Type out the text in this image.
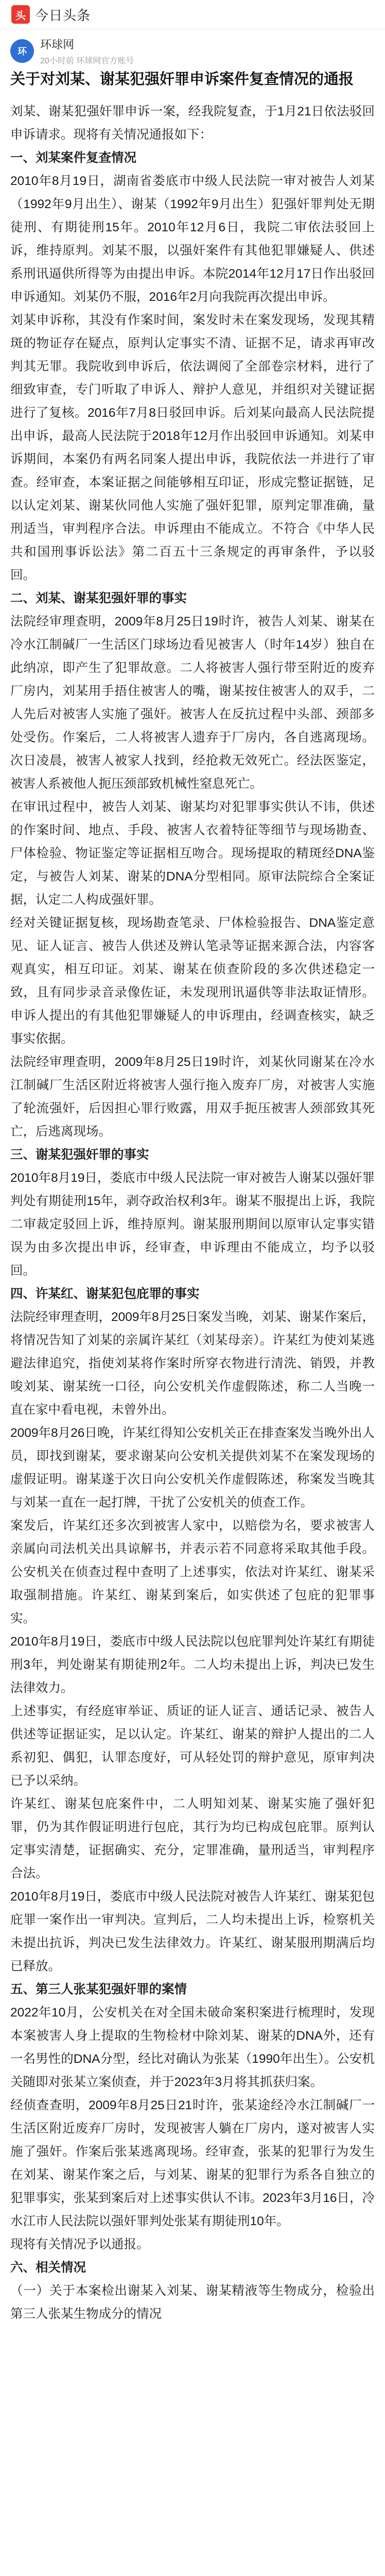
头 今日头条
环
环球网
20小时前 环球网官方账号
关于对刘某、谢某犯强奸罪申诉案件复查情况的通报

刘某、谢某犯强奸罪申诉一案，经我院复查，于1月21日依法驳回申诉请求。现将有关情况通报如下：

一、刘某案件复查情况

2010年8月19日，湖南省娄底市中级人民法院一审对被告人刘某（1992年9月出生）、谢某（1992年9月出生）犯强奸罪判处无期徒刑、有期徒刑15年。2010年12月6日，我院二审依法驳回上诉，维持原判。刘某不服，以强奸案件有其他犯罪嫌疑人、供述系刑讯逼供所得等为由提出申诉。本院2014年12月17日作出驳回申诉通知。刘某仍不服，2016年2月向我院再次提出申诉。

刘某申诉称，其没有作案时间，案发时未在案发现场，发现其精斑的物证存在疑点，原判认定事实不清、证据不足，请求再审改判其无罪。我院收到申诉后，依法调阅了全部卷宗材料，进行了细致审查，专门听取了申诉人、辩护人意见，并组织对关键证据进行了复核。2016年7月8日驳回申诉。后刘某向最高人民法院提出申诉，最高人民法院于2018年12月作出驳回申诉通知。刘某申诉期间，本案仍有两名同案人提出申诉，我院依法一并进行了审查。经审查，本案证据之间能够相互印证，形成完整证据链，足以认定刘某、谢某伙同他人实施了强奸犯罪，原判定罪准确，量刑适当，审判程序合法。申诉理由不能成立。不符合《中华人民共和国刑事诉讼法》第二百五十三条规定的再审条件，予以驳回。

二、刘某、谢某犯强奸罪的事实

法院经审理查明，2009年8月25日19时许，被告人刘某、谢某在冷水江制碱厂一生活区门球场边看见被害人（时年14岁）独自在此纳凉，即产生了犯罪故意。二人将被害人强行带至附近的废弃厂房内，刘某用手捂住被害人的嘴，谢某按住被害人的双手，二人先后对被害人实施了强奸。被害人在反抗过程中头部、颈部多处受伤。作案后，二人将被害人遗弃于厂房内，各自逃离现场。次日凌晨，被害人被家人找到，经抢救无效死亡。经法医鉴定，被害人系被他人扼压颈部致机械性窒息死亡。

在审讯过程中，被告人刘某、谢某均对犯罪事实供认不讳，供述的作案时间、地点、手段、被害人衣着特征等细节与现场勘查、尸体检验、物证鉴定等证据相互吻合。现场提取的精斑经DNA鉴定，与被告人刘某、谢某的DNA分型相同。原审法院综合全案证据，认定二人构成强奸罪。

经对关键证据复核，现场勘查笔录、尸体检验报告、DNA鉴定意见、证人证言、被告人供述及辨认笔录等证据来源合法，内容客观真实，相互印证。刘某、谢某在侦查阶段的多次供述稳定一致，且有同步录音录像佐证，未发现刑讯逼供等非法取证情形。申诉人提出的有其他犯罪嫌疑人的申诉理由，经调查核实，缺乏事实依据。

法院经审理查明，2009年8月25日19时许，刘某伙同谢某在冷水江制碱厂生活区附近将被害人强行拖入废弃厂房，对被害人实施了轮流强奸，后因担心罪行败露，用双手扼压被害人颈部致其死亡，后逃离现场。

三、谢某犯强奸罪的事实

2010年8月19日，娄底市中级人民法院一审对被告人谢某以强奸罪判处有期徒刑15年，剥夺政治权利3年。谢某不服提出上诉，我院二审裁定驳回上诉，维持原判。谢某服刑期间以原审认定事实错误为由多次提出申诉，经审查，申诉理由不能成立，均予以驳回。

四、许某红、谢某犯包庇罪的事实

法院经审理查明，2009年8月25日案发当晚，刘某、谢某作案后，将情况告知了刘某的亲属许某红（刘某母亲）。许某红为使刘某逃避法律追究，指使刘某将作案时所穿衣物进行清洗、销毁，并教唆刘某、谢某统一口径，向公安机关作虚假陈述，称二人当晚一直在家中看电视，未曾外出。

2009年8月26日晚，许某红得知公安机关正在排查案发当晚外出人员，即找到谢某，要求谢某向公安机关提供刘某不在案发现场的虚假证明。谢某遂于次日向公安机关作虚假陈述，称案发当晚其与刘某一直在一起打牌，干扰了公安机关的侦查工作。

案发后，许某红还多次到被害人家中，以赔偿为名，要求被害人亲属向司法机关出具谅解书，并表示若不同意将采取其他手段。公安机关在侦查过程中查明了上述事实，依法对许某红、谢某采取强制措施。许某红、谢某到案后，如实供述了包庇的犯罪事实。

2010年8月19日，娄底市中级人民法院以包庇罪判处许某红有期徒刑3年，判处谢某有期徒刑2年。二人均未提出上诉，判决已发生法律效力。

上述事实，有经庭审举证、质证的证人证言、通话记录、被告人供述等证据证实，足以认定。许某红、谢某的辩护人提出的二人系初犯、偶犯，认罪态度好，可从轻处罚的辩护意见，原审判决已予以采纳。

许某红、谢某包庇案件中，二人明知刘某、谢某实施了强奸犯罪，仍为其作假证明进行包庇，其行为均已构成包庇罪。原判认定事实清楚，证据确实、充分，定罪准确，量刑适当，审判程序合法。

2010年8月19日，娄底市中级人民法院对被告人许某红、谢某犯包庇罪一案作出一审判决。宣判后，二人均未提出上诉，检察机关未提出抗诉，判决已发生法律效力。许某红、谢某服刑期满后均已释放。

五、第三人张某犯强奸罪的案情

2022年10月，公安机关在对全国未破命案积案进行梳理时，发现本案被害人身上提取的生物检材中除刘某、谢某的DNA外，还有一名男性的DNA分型，经比对确认为张某（1990年出生）。公安机关随即对张某立案侦查，并于2023年3月将其抓获归案。

经侦查查明，2009年8月25日21时许，张某途经冷水江制碱厂一生活区附近废弃厂房时，发现被害人躺在厂房内，遂对被害人实施了强奸。作案后张某逃离现场。经审查，张某的犯罪行为发生在刘某、谢某作案之后，与刘某、谢某的犯罪行为系各自独立的犯罪事实，张某到案后对上述事实供认不讳。2023年3月16日，冷水江市人民法院以强奸罪判处张某有期徒刑10年。

现将有关情况予以通报。

六、相关情况

（一）关于本案检出谢某入刘某、谢某精液等生物成分，检验出第三人张某生物成分的情况
